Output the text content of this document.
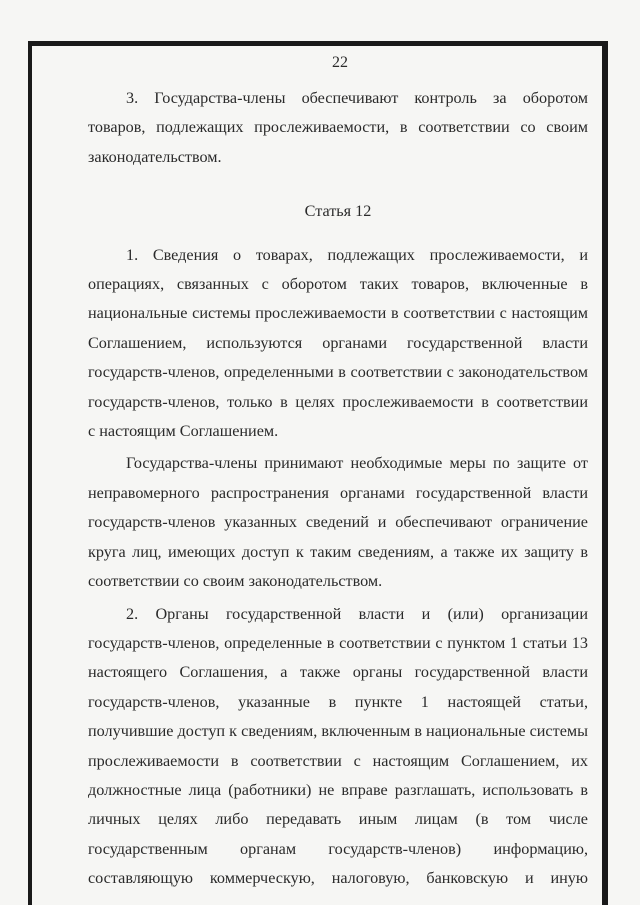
22

3. Государства-члены обеспечивают контроль за оборотом товаров, подлежащих прослеживаемости, в соответствии со своим законодательством.

Статья 12

1. Сведения о товарах, подлежащих прослеживаемости, и операциях, связанных с оборотом таких товаров, включенные в национальные системы прослеживаемости в соответствии с настоящим Соглашением, используются органами государственной власти государств-членов, определенными в соответствии с законодательством государств-членов, только в целях прослеживаемости в соответствии

с настоящим Соглашением.

Государства-члены принимают необходимые меры по защите от неправомерного распространения органами государственной власти государств-членов указанных сведений и обеспечивают ограничение круга лиц, имеющих доступ к таким сведениям, а также их защиту в соответствии со своим законодательством.

2. Органы государственной власти и (или) организации государств-членов, определенные в соответствии с пунктом 1 статьи 13 настоящего Соглашения, а также органы государственной власти государств-членов, указанные в пункте 1 настоящей статьи, получившие доступ к сведениям, включенным в национальные системы прослеживаемости в соответствии с настоящим Соглашением, их должностные лица (работники) не вправе разглашать, использовать в личных целях либо передавать иным лицам (в том числе государственным органам государств-членов) информацию, составляющую коммерческую, налоговую, банковскую и иную
